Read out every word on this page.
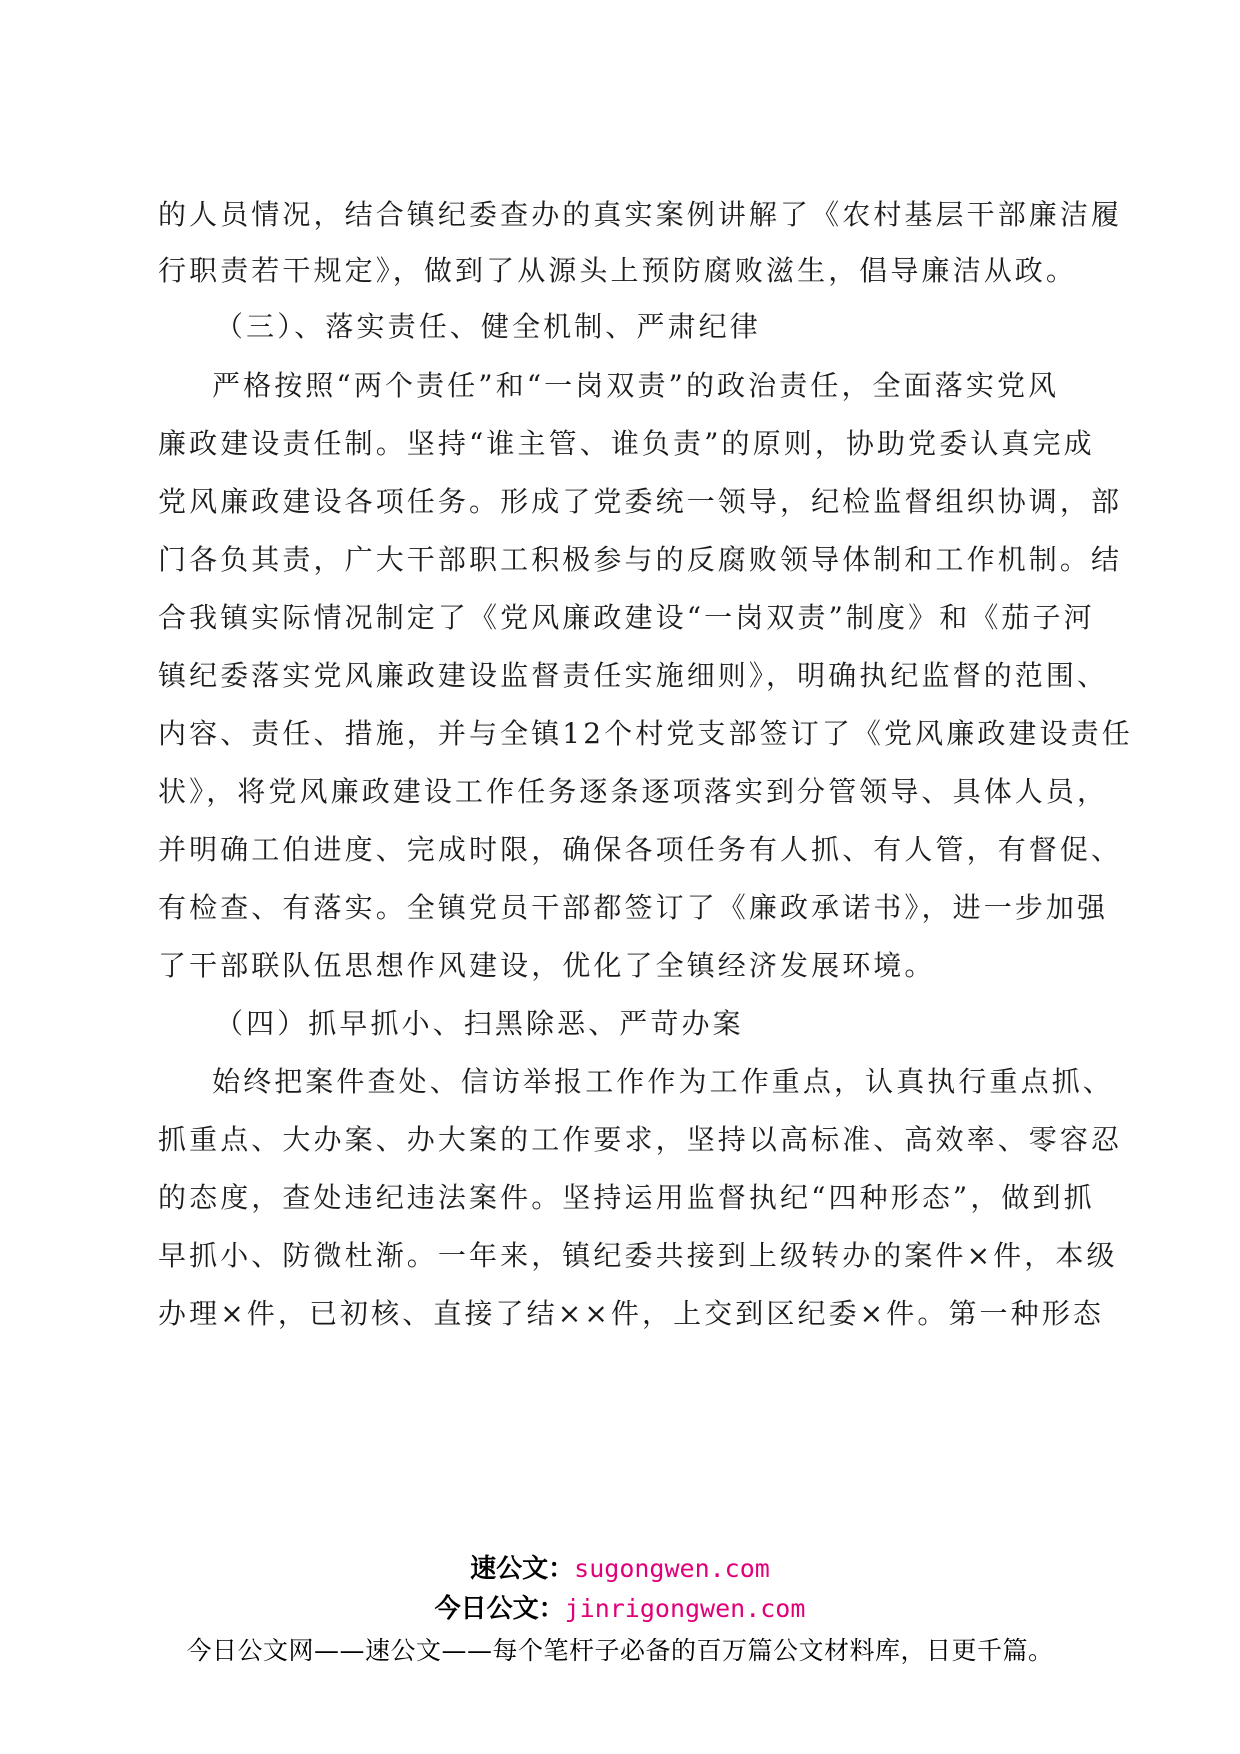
的人员情况，结合镇纪委查办的真实案例讲解了《农村基层干部廉洁履
行职责若干规定》，做到了从源头上预防腐败滋生，倡导廉洁从政。
（三）、落实责任、健全机制、严肃纪律
严格按照“两个责任”和“一岗双责”的政治责任，全面落实党风
廉政建设责任制。坚持“谁主管、谁负责”的原则，协助党委认真完成
党风廉政建设各项任务。形成了党委统一领导，纪检监督组织协调，部
门各负其责，广大干部职工积极参与的反腐败领导体制和工作机制。结
合我镇实际情况制定了《党风廉政建设“一岗双责”制度》和《茄子河
镇纪委落实党风廉政建设监督责任实施细则》，明确执纪监督的范围、
内容、责任、措施，并与全镇12个村党支部签订了《党风廉政建设责任
状》，将党风廉政建设工作任务逐条逐项落实到分管领导、具体人员，
并明确工伯进度、完成时限，确保各项任务有人抓、有人管，有督促、
有检查、有落实。全镇党员干部都签订了《廉政承诺书》，进一步加强
了干部联队伍思想作风建设，优化了全镇经济发展环境。
（四）抓早抓小、扫黑除恶、严苛办案
始终把案件查处、信访举报工作作为工作重点，认真执行重点抓、
抓重点、大办案、办大案的工作要求，坚持以高标准、高效率、零容忍
的态度，查处违纪违法案件。坚持运用监督执纪“四种形态”，做到抓
早抓小、防微杜渐。一年来，镇纪委共接到上级转办的案件×件，本级
办理×件，已初核、直接了结××件，上交到区纪委×件。第一种形态
速公文：sugongwen.com
今日公文：jinrigongwen.com
今日公文网——速公文——每个笔杆子必备的百万篇公文材料库，日更千篇。
